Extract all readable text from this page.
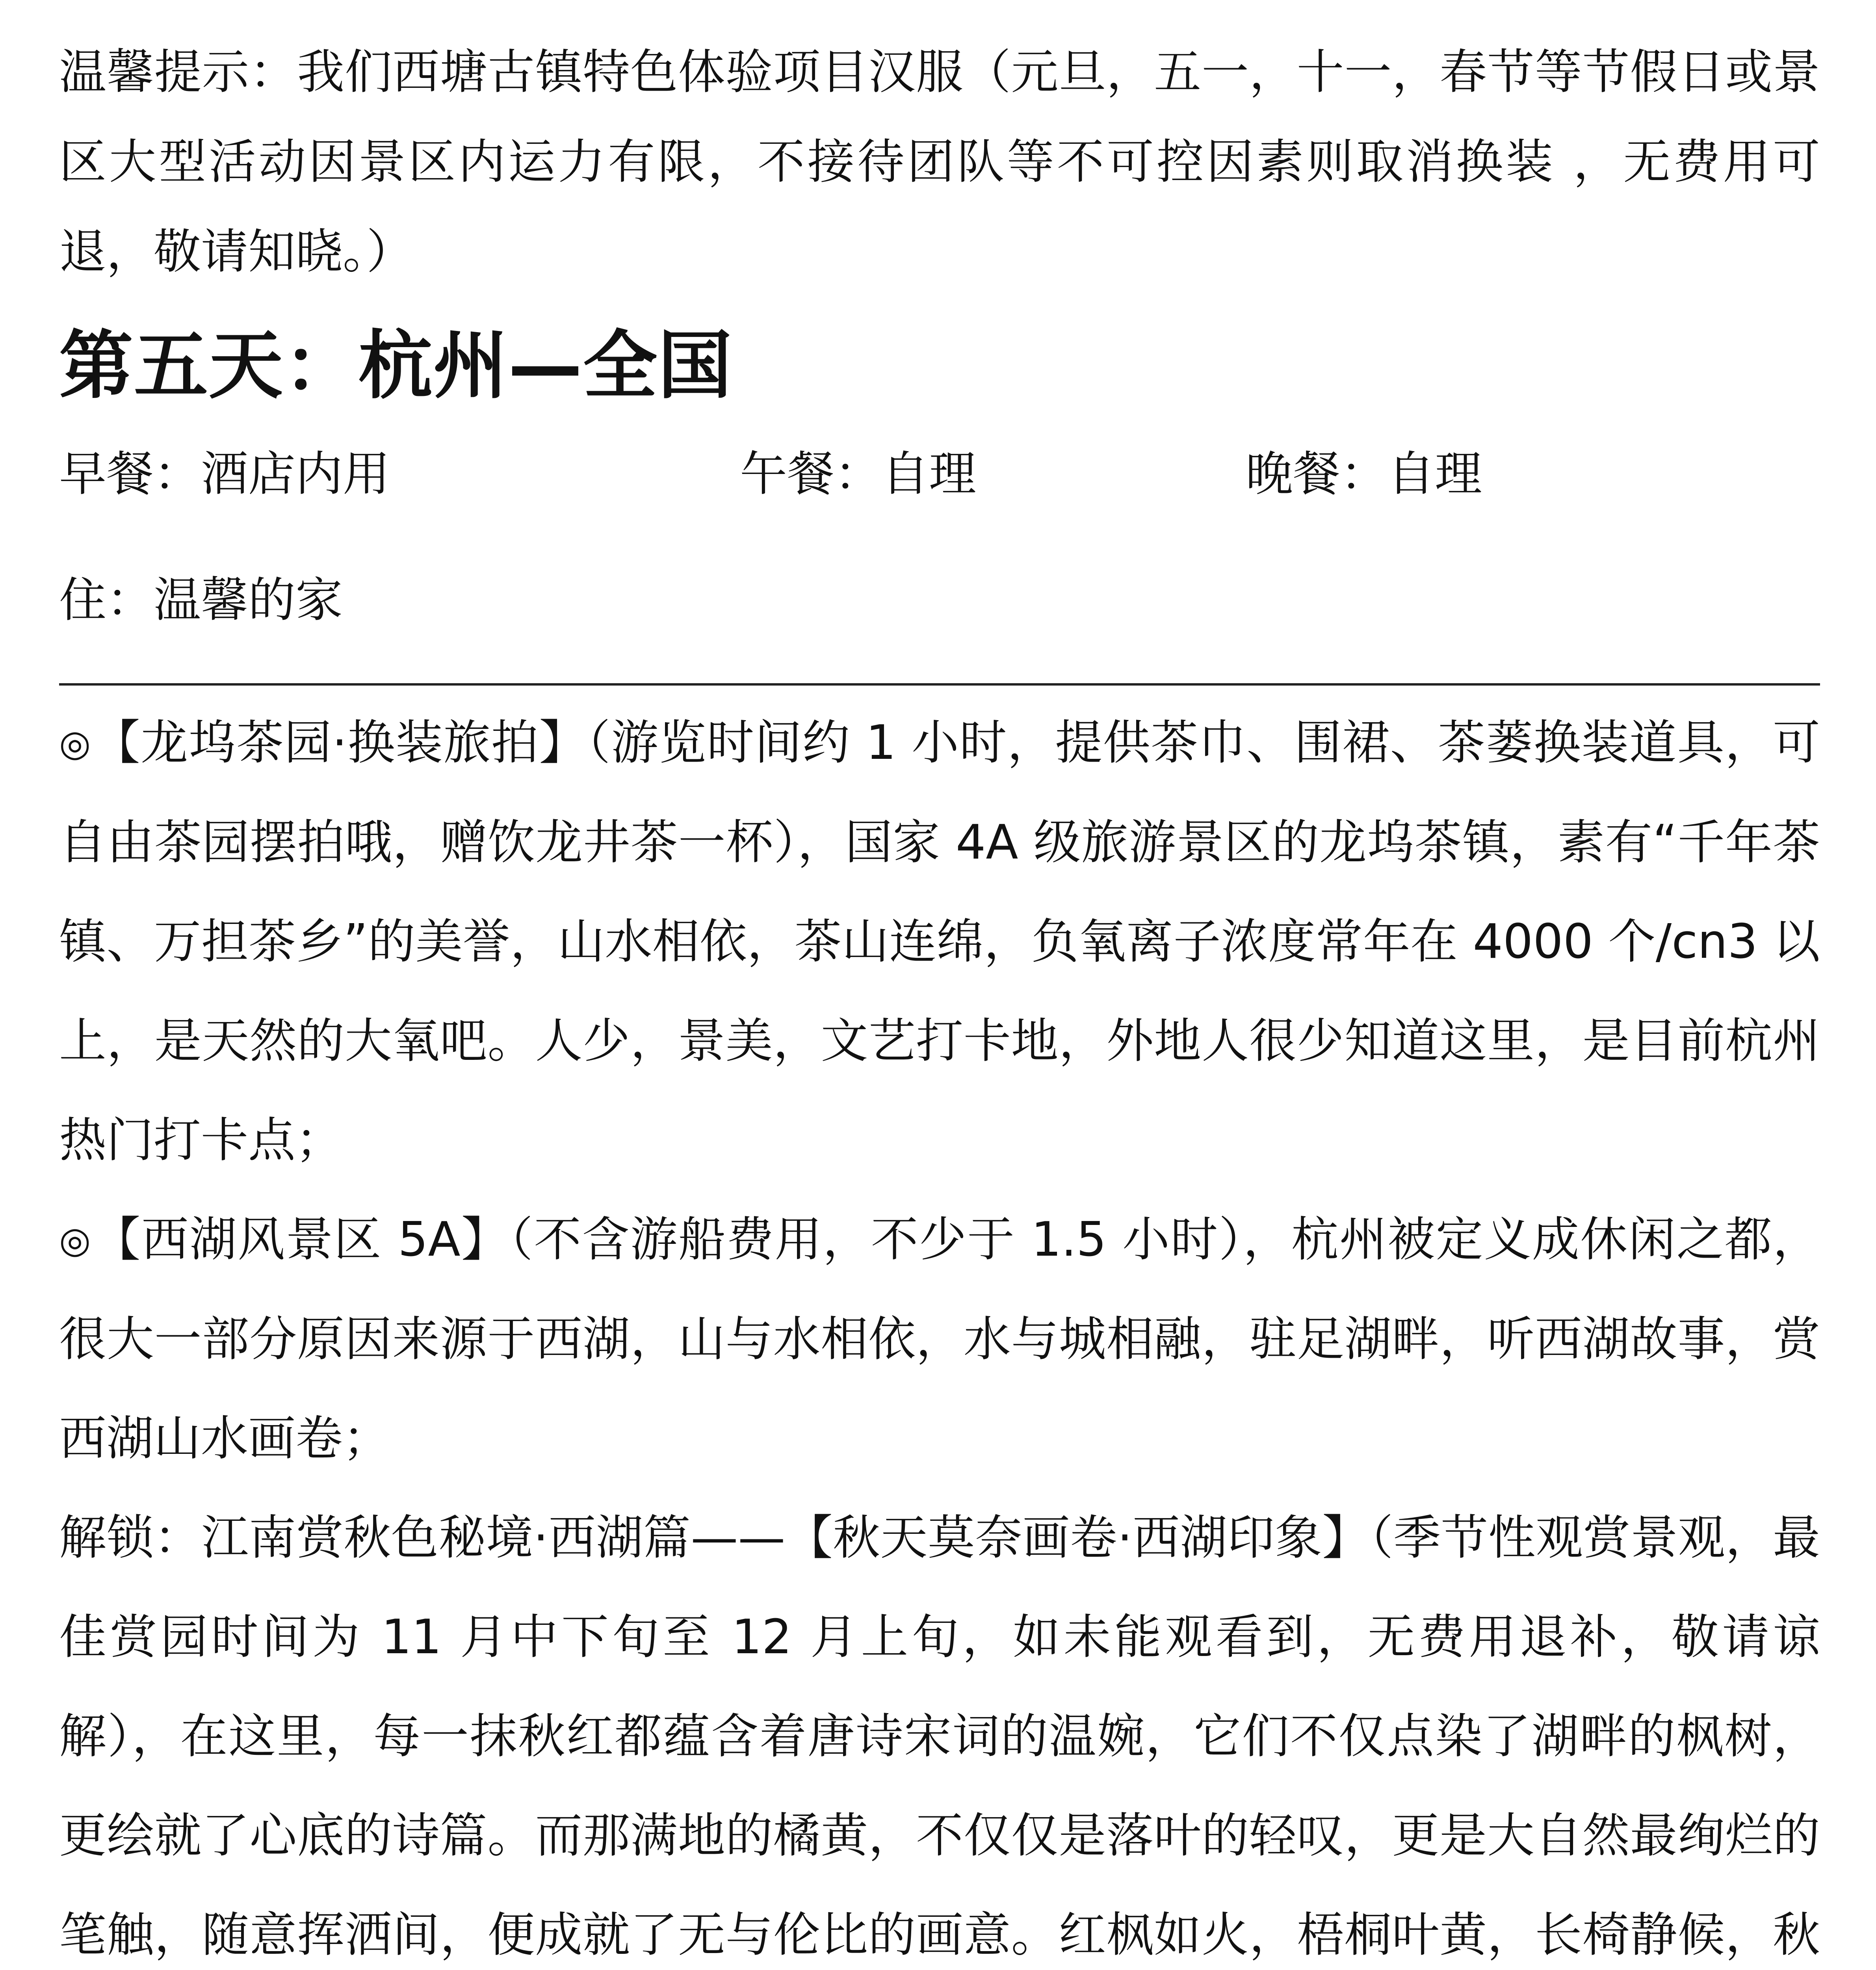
温馨提示：我们西塘古镇特色体验项目汉服（元旦，五一，十一，春节等节假日或景区大型活动因景区内运力有限，不接待团队等不可控因素则取消换装 ，无费用可退，敬请知晓。）

第五天：杭州—全国
早餐：酒店内用	午餐：自理	晚餐：自理
住：温馨的家

◎【龙坞茶园·换装旅拍】（游览时间约 1 小时，提供茶巾、围裙、茶蒌换装道具，可自由茶园摆拍哦，赠饮龙井茶一杯），国家 4A 级旅游景区的龙坞茶镇，素有“千年茶镇、万担茶乡”的美誉，山水相依，茶山连绵，负氧离子浓度常年在 4000 个/cn3 以上，是天然的大氧吧。人少，景美，文艺打卡地，外地人很少知道这里，是目前杭州热门打卡点；

◎【西湖风景区 5A】（不含游船费用，不少于 1.5 小时），杭州被定义成休闲之都，很大一部分原因来源于西湖，山与水相依，水与城相融，驻足湖畔，听西湖故事，赏西湖山水画卷；

解锁：江南赏秋色秘境·西湖篇——【秋天莫奈画卷·西湖印象】（季节性观赏景观，最佳赏园时间为 11 月中下旬至 12 月上旬，如未能观看到，无费用退补，敬请谅解），在这里，每一抹秋红都蕴含着唐诗宋词的温婉，它们不仅点染了湖畔的枫树，更绘就了心底的诗篇。而那满地的橘黄，不仅仅是落叶的轻叹，更是大自然最绚烂的笔触，随意挥洒间，便成就了无与伦比的画意。红枫如火，梧桐叶黄，长椅静候，秋
